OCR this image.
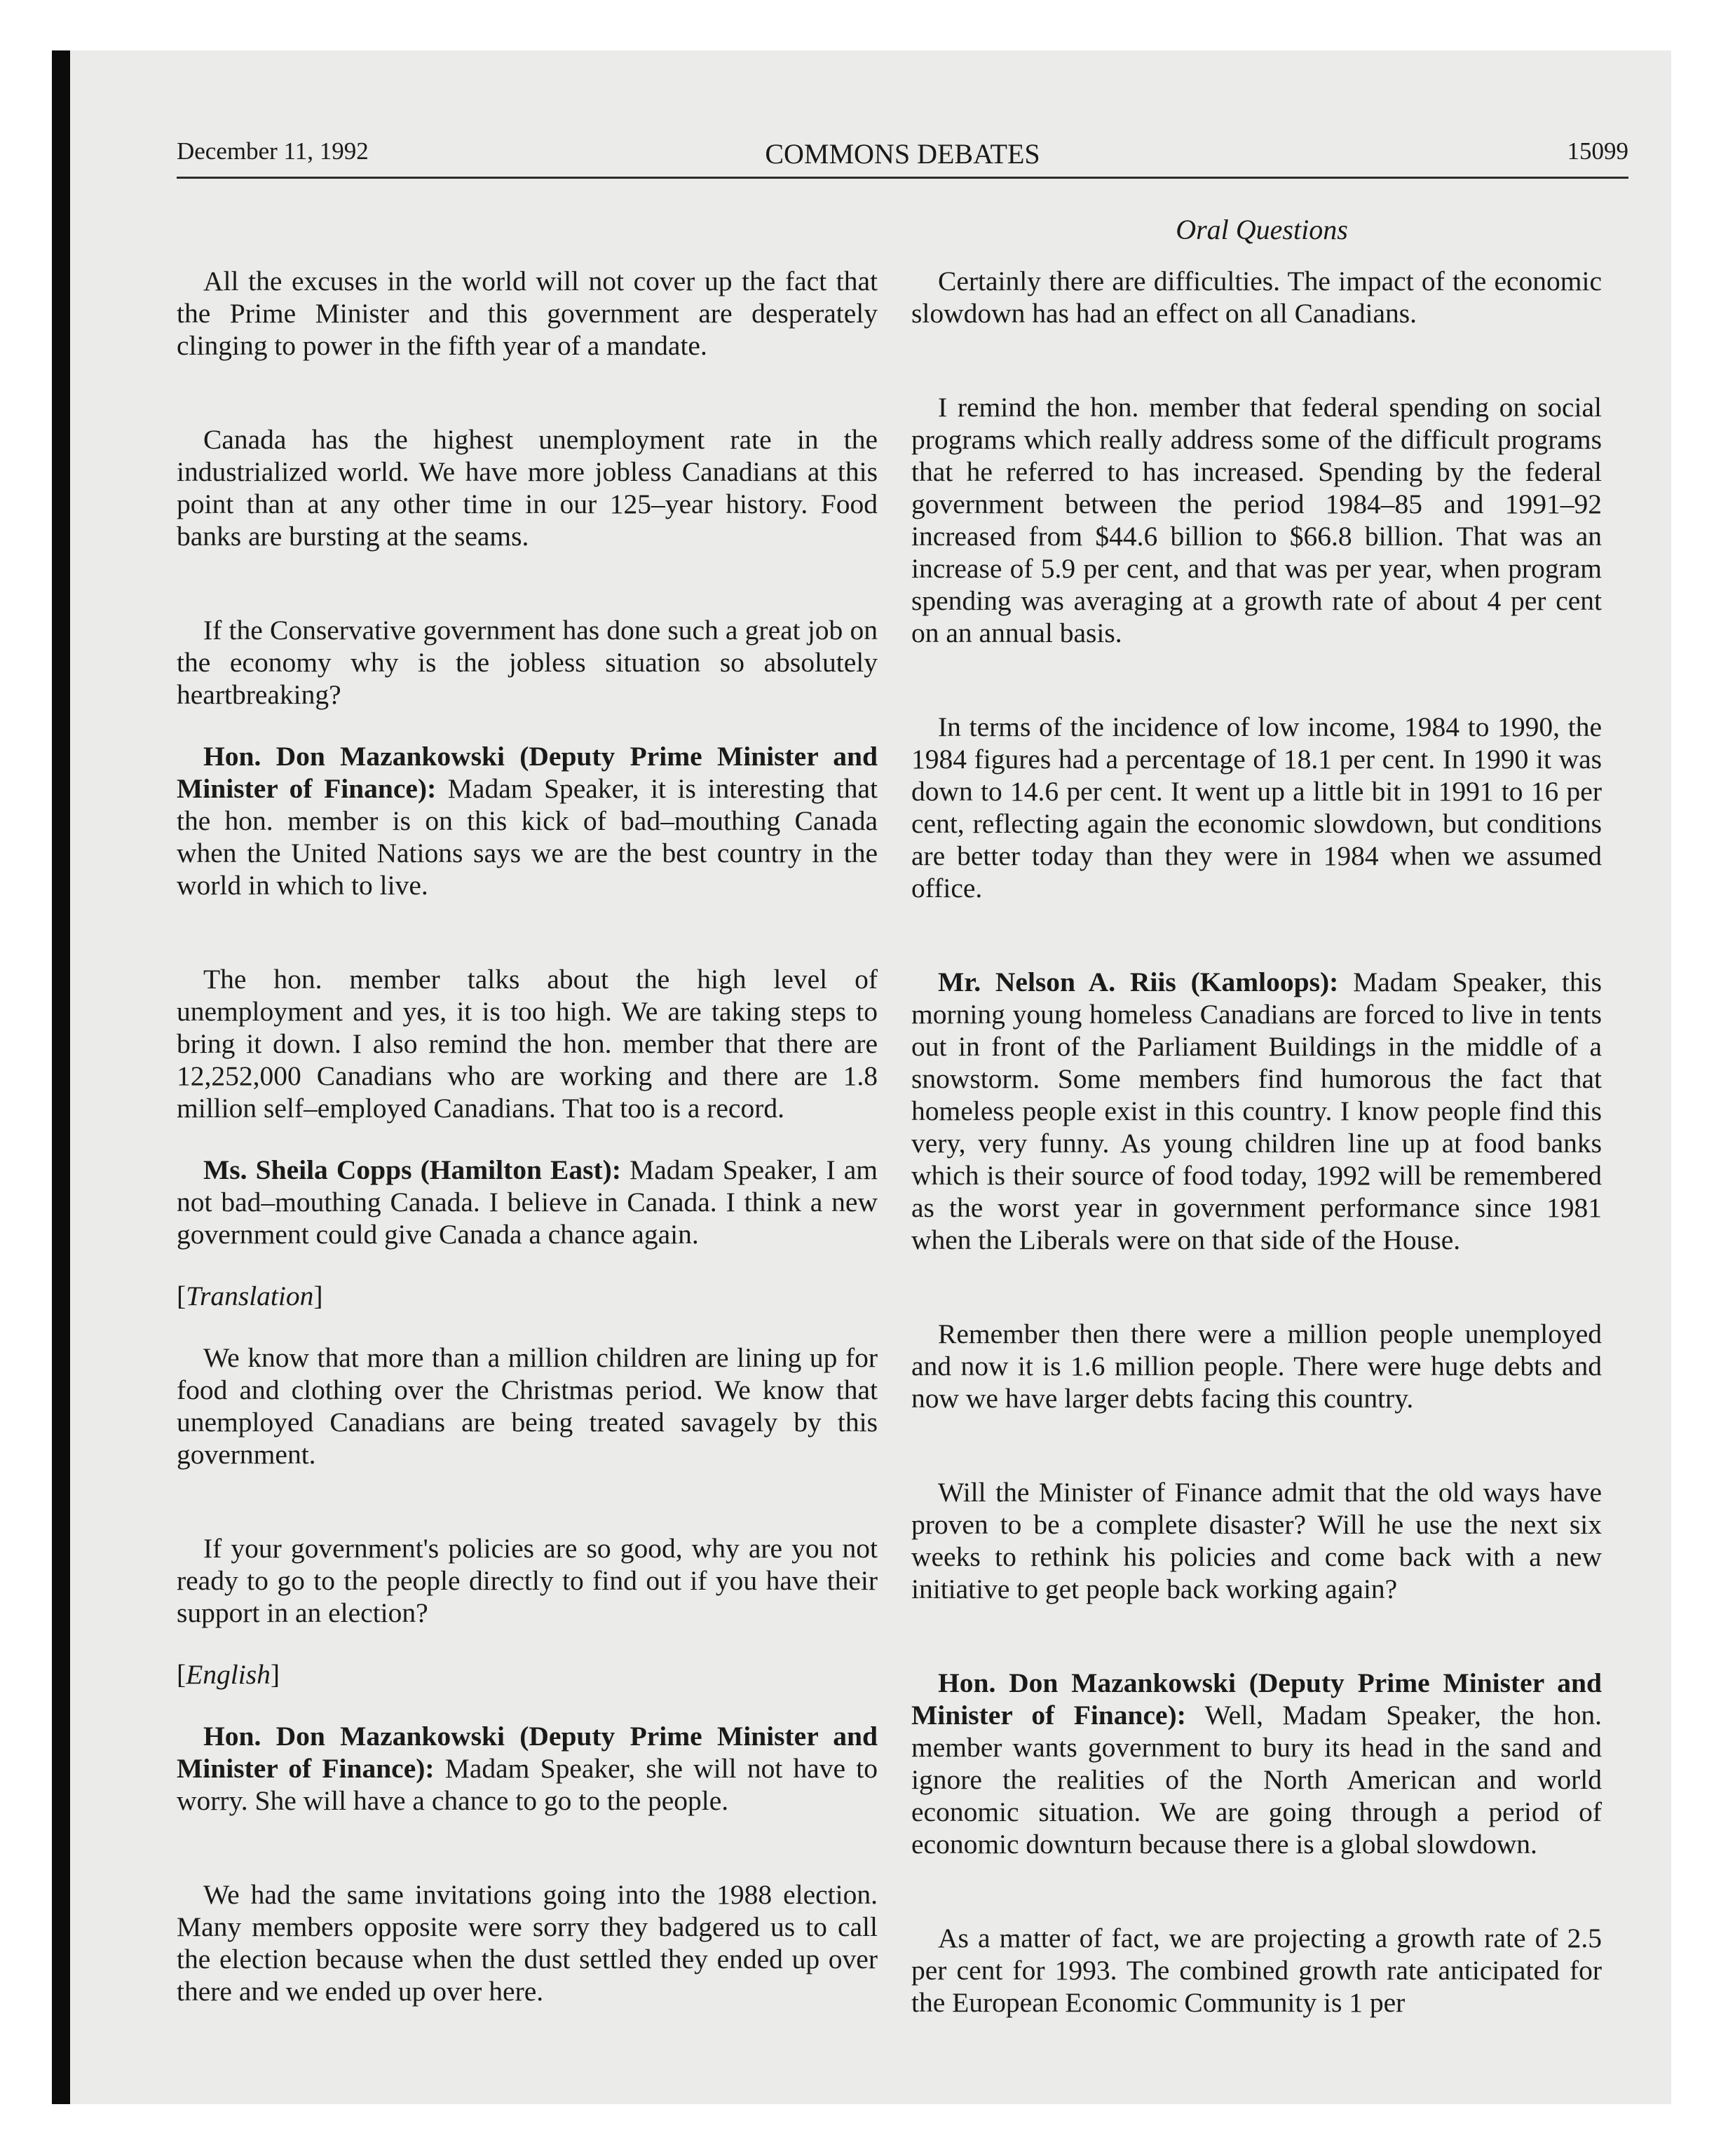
December 11, 1992	COMMONS DEBATES	15099
Oral Questions

All the excuses in the world will not cover up the fact that the Prime Minister and this government are desperately clinging to power in the fifth year of a mandate.

Canada has the highest unemployment rate in the industrialized world. We have more jobless Canadians at this point than at any other time in our 125–year history. Food banks are bursting at the seams.

If the Conservative government has done such a great job on the economy why is the jobless situation so absolutely heartbreaking?

Hon. Don Mazankowski (Deputy Prime Minister and Minister of Finance): Madam Speaker, it is interesting that the hon. member is on this kick of bad–mouthing Canada when the United Nations says we are the best country in the world in which to live.

The hon. member talks about the high level of unemployment and yes, it is too high. We are taking steps to bring it down. I also remind the hon. member that there are 12,252,000 Canadians who are working and there are 1.8 million self–employed Canadians. That too is a record.

Ms. Sheila Copps (Hamilton East): Madam Speaker, I am not bad–mouthing Canada. I believe in Canada. I think a new government could give Canada a chance again.

[Translation]

We know that more than a million children are lining up for food and clothing over the Christmas period. We know that unemployed Canadians are being treated savagely by this government.

If your government's policies are so good, why are you not ready to go to the people directly to find out if you have their support in an election?

[English]

Hon. Don Mazankowski (Deputy Prime Minister and Minister of Finance): Madam Speaker, she will not have to worry. She will have a chance to go to the people.

We had the same invitations going into the 1988 election. Many members opposite were sorry they badgered us to call the election because when the dust settled they ended up over there and we ended up over here.

Certainly there are difficulties. The impact of the economic slowdown has had an effect on all Canadians.

I remind the hon. member that federal spending on social programs which really address some of the difficult programs that he referred to has increased. Spending by the federal government between the period 1984–85 and 1991–92 increased from $44.6 billion to $66.8 billion. That was an increase of 5.9 per cent, and that was per year, when program spending was averaging at a growth rate of about 4 per cent on an annual basis.

In terms of the incidence of low income, 1984 to 1990, the 1984 figures had a percentage of 18.1 per cent. In 1990 it was down to 14.6 per cent. It went up a little bit in 1991 to 16 per cent, reflecting again the economic slowdown, but conditions are better today than they were in 1984 when we assumed office.

Mr. Nelson A. Riis (Kamloops): Madam Speaker, this morning young homeless Canadians are forced to live in tents out in front of the Parliament Buildings in the middle of a snowstorm. Some members find humorous the fact that homeless people exist in this country. I know people find this very, very funny. As young children line up at food banks which is their source of food today, 1992 will be remembered as the worst year in government performance since 1981 when the Liberals were on that side of the House.

Remember then there were a million people unemployed and now it is 1.6 million people. There were huge debts and now we have larger debts facing this country.

Will the Minister of Finance admit that the old ways have proven to be a complete disaster? Will he use the next six weeks to rethink his policies and come back with a new initiative to get people back working again?

Hon. Don Mazankowski (Deputy Prime Minister and Minister of Finance): Well, Madam Speaker, the hon. member wants government to bury its head in the sand and ignore the realities of the North American and world economic situation. We are going through a period of economic downturn because there is a global slowdown.

As a matter of fact, we are projecting a growth rate of 2.5 per cent for 1993. The combined growth rate anticipated for the European Economic Community is 1 per
